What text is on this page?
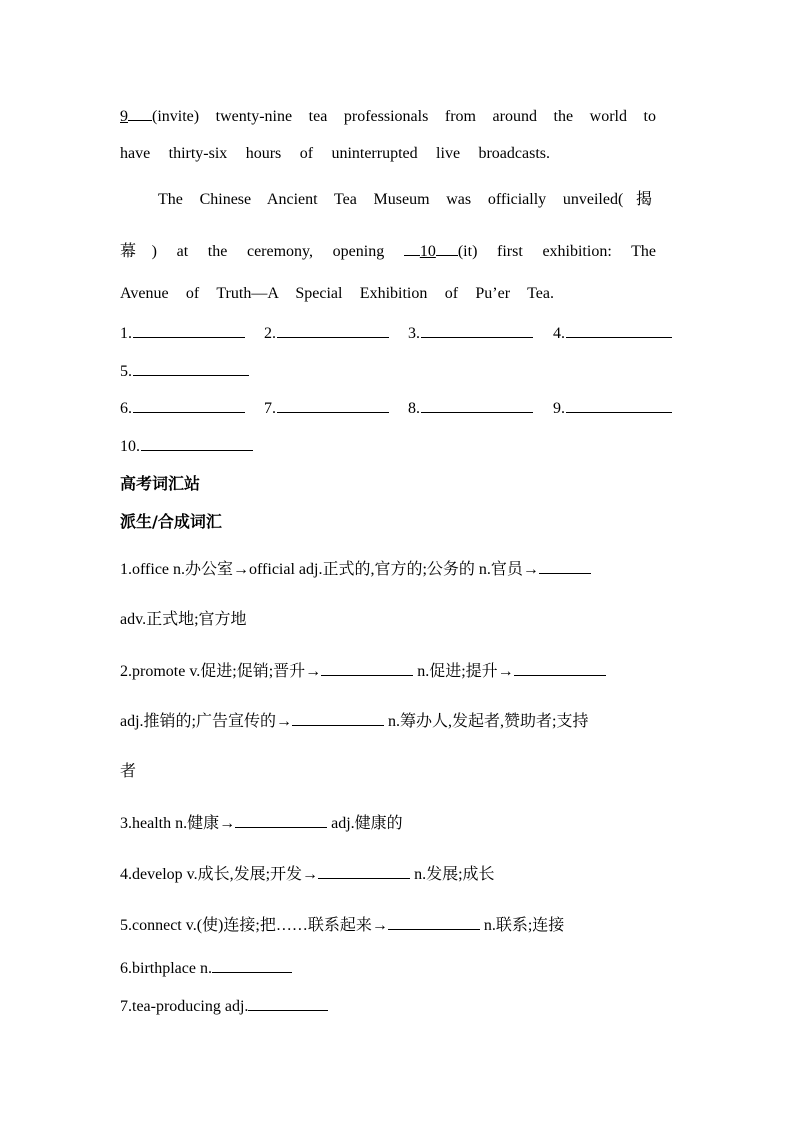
9 (invite) twenty-nine tea professionals from around the world to
have thirty-six hours of uninterrupted live broadcasts.
The Chinese Ancient Tea Museum was officially unveiled(揭
幕) at the ceremony, opening 10 (it) first exhibition: The
Avenue of Truth—A Special Exhibition of Pu’er Tea.
1.	2.	3.	4.
5.
6.	7.	8.	9.
10.
高考词汇站
派生/合成词汇
1.office n.办公室→official adj.正式的,官方的;公务的 n.官员→
adv.正式地;官方地
2.promote v.促进;促销;晋升→	n.促进;提升→
adj.推销的;广告宣传的→	n.筹办人,发起者,赞助者;支持
者
3.health n.健康→	adj.健康的
4.develop v.成长,发展;开发→	n.发展;成长
5.connect v.(使)连接;把……联系起来→	n.联系;连接
6.birthplace n.
7.tea-producing adj.
